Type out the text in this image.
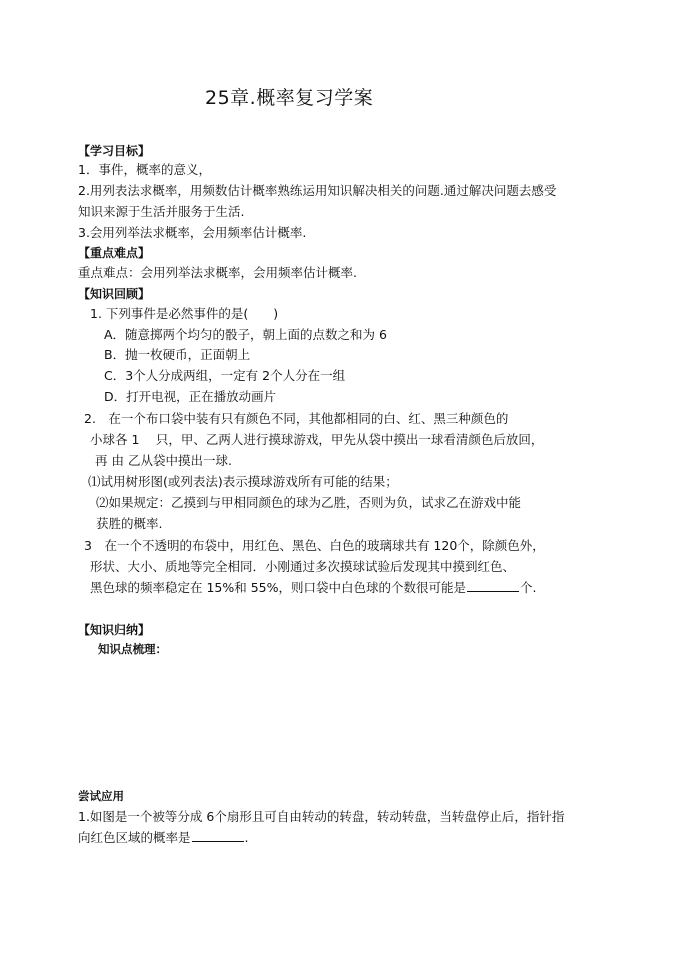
25章.概率复习学案
【学习目标】
1．事件，概率的意义，
2.用列表法求概率，用频数估计概率熟练运用知识解决相关的问题.通过解决问题去感受
知识来源于生活并服务于生活.
3.会用列举法求概率，会用频率估计概率.
【重点难点】
重点难点：会用列举法求概率，会用频率估计概率.
【知识回顾】
1. 下列事件是必然事件的是(　　)
A．随意掷两个均匀的骰子，朝上面的点数之和为 6
B．抛一枚硬币，正面朝上
C．3个人分成两组，一定有 2个人分在一组
D．打开电视，正在播放动画片
2.　在一个布口袋中装有只有颜色不同，其他都相同的白、红、黑三种颜色的
小球各 1　 只，甲、乙两人进行摸球游戏，甲先从袋中摸出一球看清颜色后放回，
再 由 乙从袋中摸出一球.
⑴试用树形图(或列表法)表示摸球游戏所有可能的结果；
⑵如果规定：乙摸到与甲相同颜色的球为乙胜，否则为负，试求乙在游戏中能
获胜的概率.
3　在一个不透明的布袋中，用红色、黑色、白色的玻璃球共有 120个，除颜色外，
形状、大小、质地等完全相同．小刚通过多次摸球试验后发现其中摸到红色、
黑色球的频率稳定在 15%和 55%，则口袋中白色球的个数很可能是	个.
【知识归纳】
知识点梳理：
尝试应用
1.如图是一个被等分成 6个扇形且可自由转动的转盘，转动转盘，当转盘停止后，指针指
向红色区域的概率是	.
